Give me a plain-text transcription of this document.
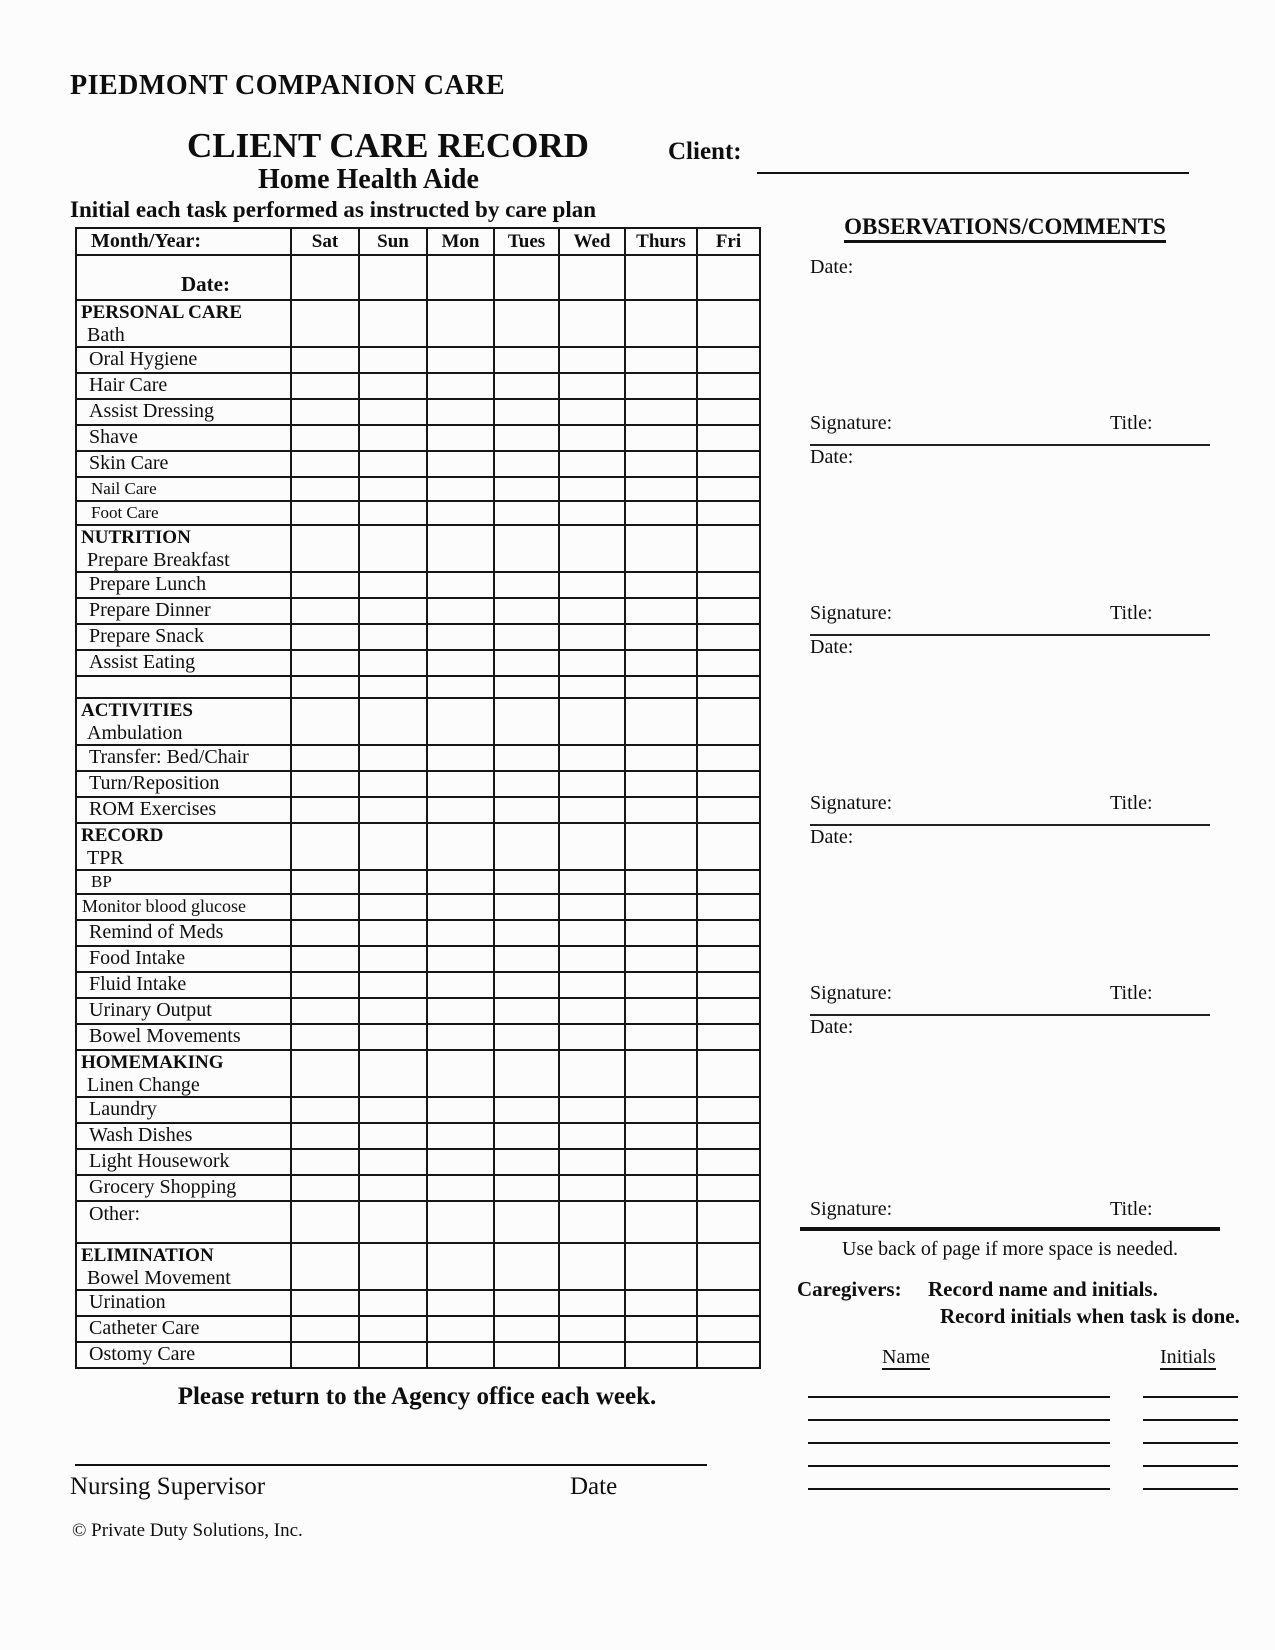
PIEDMONT COMPANION CARE
CLIENT CARE RECORD	Client:
Home Health Aide
Initial each task performed as instructed by care plan
Month/Year:	Sat	Sun	Mon	Tues	Wed	Thurs	Fri
Date:							

PERSONAL CARE
Bath							

Oral Hygiene							

Hair Care							

Assist Dressing							

Shave							

Skin Care							

Nail Care							

Foot Care							

NUTRITION
Prepare Breakfast							

Prepare Lunch							

Prepare Dinner							

Prepare Snack							

Assist Eating							

ACTIVITIES
Ambulation							

Transfer: Bed/Chair							

Turn/Reposition							

ROM Exercises							

RECORD
TPR							

BP							

Monitor blood glucose							

Remind of Meds							

Food Intake							

Fluid Intake							

Urinary Output							

Bowel Movements							

HOMEMAKING
Linen Change							

Laundry							

Wash Dishes							

Light Housework							

Grocery Shopping							

Other:							

ELIMINATION
Bowel Movement							

Urination							

Catheter Care							

Ostomy Care							

Please return to the Agency office each week.
Nursing Supervisor	Date
© Private Duty Solutions, Inc.
OBSERVATIONS/COMMENTS
Date:
Signature:	Title:
Date:
Signature:	Title:
Date:
Signature:	Title:
Date:
Signature:	Title:
Date:
Signature:	Title:
Use back of page if more space is needed.
Caregivers:	Record name and initials.
Record initials when task is done.
Name	Initials
